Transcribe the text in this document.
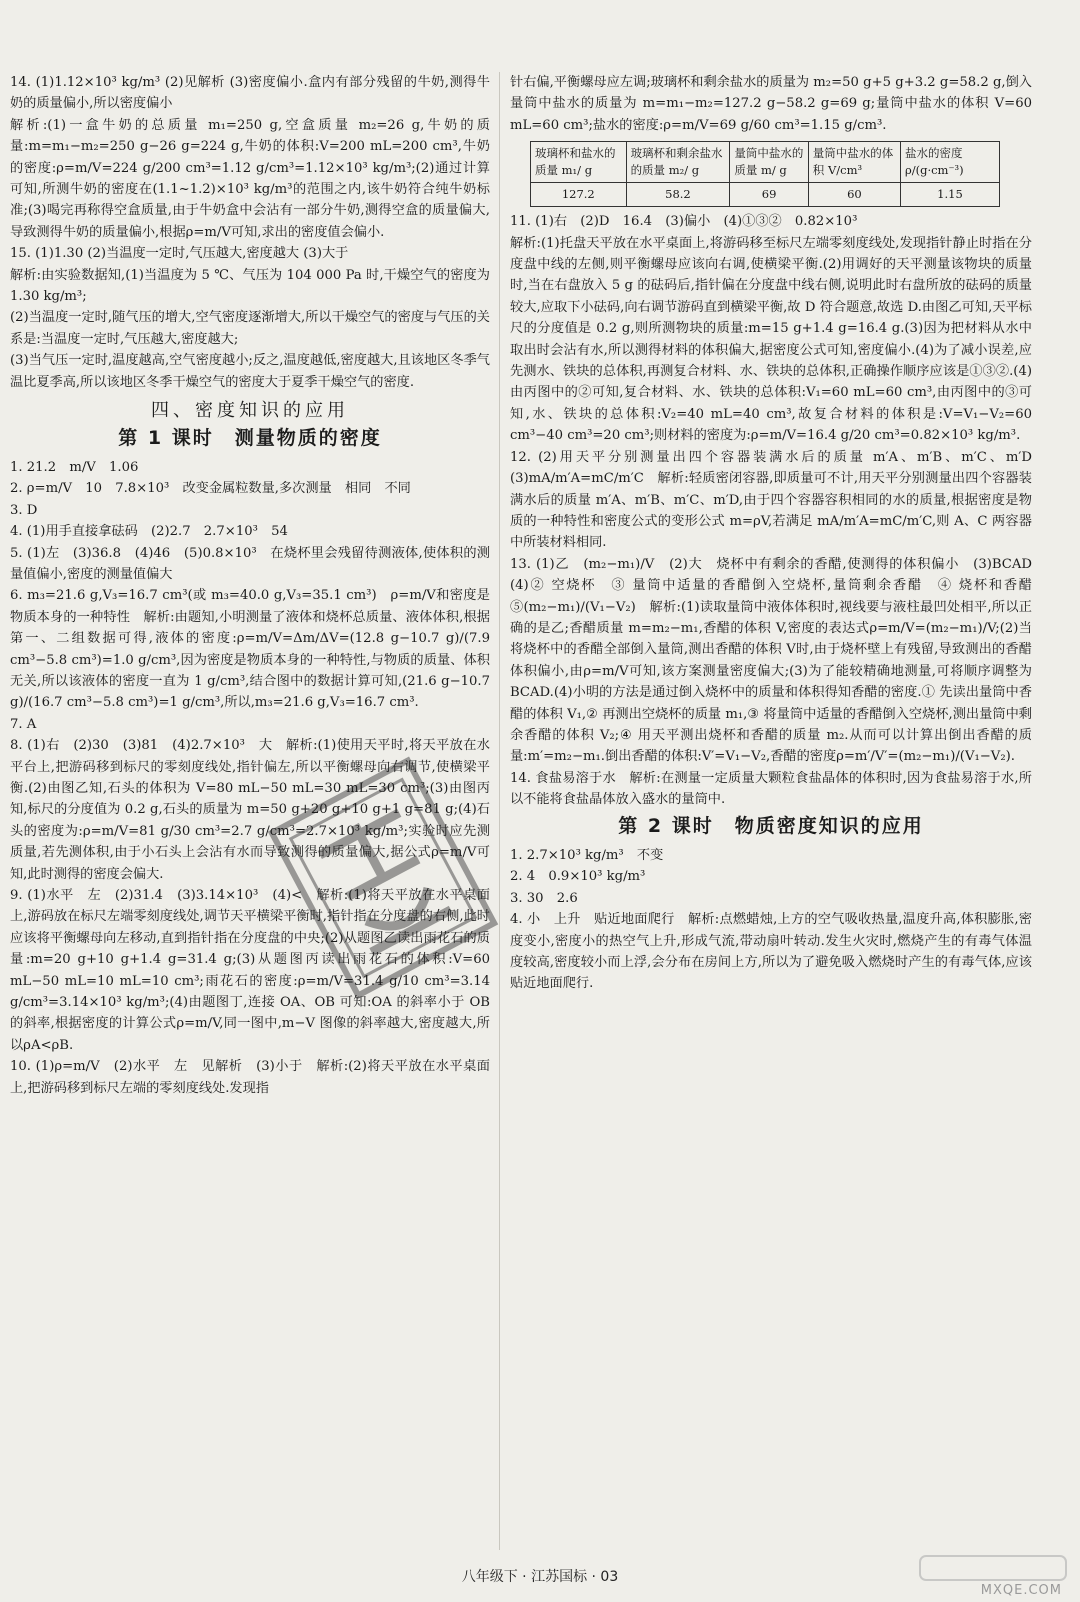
14. (1)1.12×10³ kg/m³ (2)见解析 (3)密度偏小.盒内有部分残留的牛奶,测得牛奶的质量偏小,所以密度偏小

解析:(1)一盒牛奶的总质量 m₁=250 g,空盒质量 m₂=26 g,牛奶的质量:m=m₁−m₂=250 g−26 g=224 g,牛奶的体积:V=200 mL=200 cm³,牛奶的密度:ρ=m/V=224 g/200 cm³=1.12 g/cm³=1.12×10³ kg/m³;(2)通过计算可知,所测牛奶的密度在(1.1~1.2)×10³ kg/m³的范围之内,该牛奶符合纯牛奶标准;(3)喝完再称得空盒质量,由于牛奶盒中会沾有一部分牛奶,测得空盒的质量偏大,导致测得牛奶的质量偏小,根据ρ=m/V可知,求出的密度值会偏小.

15. (1)1.30 (2)当温度一定时,气压越大,密度越大 (3)大于

解析:由实验数据知,(1)当温度为 5 ℃、气压为 104 000 Pa 时,干燥空气的密度为 1.30 kg/m³;

(2)当温度一定时,随气压的增大,空气密度逐渐增大,所以干燥空气的密度与气压的关系是:当温度一定时,气压越大,密度越大;

(3)当气压一定时,温度越高,空气密度越小;反之,温度越低,密度越大,且该地区冬季气温比夏季高,所以该地区冬季干燥空气的密度大于夏季干燥空气的密度.

四、密度知识的应用
第 1 课时　测量物质的密度

1. 21.2　m/V　1.06

2. ρ=m/V　10　7.8×10³　改变金属粒数量,多次测量　相同　不同

3. D

4. (1)用手直接拿砝码　(2)2.7　2.7×10³　54

5. (1)左　(3)36.8　(4)46　(5)0.8×10³　在烧杯里会残留待测液体,使体积的测量值偏小,密度的测量值偏大

6. m₃=21.6 g,V₃=16.7 cm³(或 m₃=40.0 g,V₃=35.1 cm³)　ρ=m/V和密度是物质本身的一种特性　解析:由题知,小明测量了液体和烧杯总质量、液体体积,根据第一、二组数据可得,液体的密度:ρ=m/V=Δm/ΔV=(12.8 g−10.7 g)/(7.9 cm³−5.8 cm³)=1.0 g/cm³,因为密度是物质本身的一种特性,与物质的质量、体积无关,所以该液体的密度一直为 1 g/cm³,结合图中的数据计算可知,(21.6 g−10.7 g)/(16.7 cm³−5.8 cm³)=1 g/cm³,所以,m₃=21.6 g,V₃=16.7 cm³.

7. A

8. (1)右　(2)30　(3)81　(4)2.7×10³　大　解析:(1)使用天平时,将天平放在水平台上,把游码移到标尺的零刻度线处,指针偏左,所以平衡螺母向右调节,使横梁平衡.(2)由图乙知,石头的体积为 V=80 mL−50 mL=30 mL=30 cm³;(3)由图丙知,标尺的分度值为 0.2 g,石头的质量为 m=50 g+20 g+10 g+1 g=81 g;(4)石头的密度为:ρ=m/V=81 g/30 cm³=2.7 g/cm³=2.7×10³ kg/m³;实验时应先测质量,若先测体积,由于小石头上会沾有水而导致测得的质量偏大,据公式ρ=m/V可知,此时测得的密度会偏大.

9. (1)水平　左　(2)31.4　(3)3.14×10³　(4)<　解析:(1)将天平放在水平桌面上,游码放在标尺左端零刻度线处,调节天平横梁平衡时,指针指在分度盘的右侧,此时应该将平衡螺母向左移动,直到指针指在分度盘的中央;(2)从题图乙读出雨花石的质量:m=20 g+10 g+1.4 g=31.4 g;(3)从题图丙读出雨花石的体积:V=60 mL−50 mL=10 mL=10 cm³;雨花石的密度:ρ=m/V=31.4 g/10 cm³=3.14 g/cm³=3.14×10³ kg/m³;(4)由题图丁,连接 OA、OB 可知:OA 的斜率小于 OB 的斜率,根据密度的计算公式ρ=m/V,同一图中,m−V 图像的斜率越大,密度越大,所以ρA<ρB.

10. (1)ρ=m/V　(2)水平　左　见解析　(3)小于　解析:(2)将天平放在水平桌面上,把游码移到标尺左端的零刻度线处.发现指

针右偏,平衡螺母应左调;玻璃杯和剩余盐水的质量为 m₂=50 g+5 g+3.2 g=58.2 g,倒入量筒中盐水的质量为 m=m₁−m₂=127.2 g−58.2 g=69 g;量筒中盐水的体积 V=60 mL=60 cm³;盐水的密度:ρ=m/V=69 g/60 cm³=1.15 g/cm³.

玻璃杯和盐水的质量 m₁/ g	玻璃杯和剩余盐水的质量 m₂/ g	量筒中盐水的质量 m/ g	量筒中盐水的体积 V/cm³	盐水的密度 ρ/(g·cm⁻³)
127.2	58.2	69	60	1.15

11. (1)右　(2)D　16.4　(3)偏小　(4)①③②　0.82×10³

解析:(1)托盘天平放在水平桌面上,将游码移至标尺左端零刻度线处,发现指针静止时指在分度盘中线的左侧,则平衡螺母应该向右调,使横梁平衡.(2)用调好的天平测量该物块的质量时,当在右盘放入 5 g 的砝码后,指针偏在分度盘中线右侧,说明此时右盘所放的砝码的质量较大,应取下小砝码,向右调节游码直到横梁平衡,故 D 符合题意,故选 D.由图乙可知,天平标尺的分度值是 0.2 g,则所测物块的质量:m=15 g+1.4 g=16.4 g.(3)因为把材料从水中取出时会沾有水,所以测得材料的体积偏大,据密度公式可知,密度偏小.(4)为了减小误差,应先测水、铁块的总体积,再测复合材料、水、铁块的总体积,正确操作顺序应该是①③②.(4)由丙图中的②可知,复合材料、水、铁块的总体积:V₁=60 mL=60 cm³,由丙图中的③可知,水、铁块的总体积:V₂=40 mL=40 cm³,故复合材料的体积是:V=V₁−V₂=60 cm³−40 cm³=20 cm³;则材料的密度为:ρ=m/V=16.4 g/20 cm³=0.82×10³ kg/m³.

12. (2)用天平分别测量出四个容器装满水后的质量 m′A、m′B、m′C、m′D　(3)mA/m′A=mC/m′C　解析:轻质密闭容器,即质量可不计,用天平分别测量出四个容器装满水后的质量 m′A、m′B、m′C、m′D,由于四个容器容积相同的水的质量,根据密度是物质的一种特性和密度公式的变形公式 m=ρV,若满足 mA/m′A=mC/m′C,则 A、C 两容器中所装材料相同.

13. (1)乙　(m₂−m₁)/V　(2)大　烧杯中有剩余的香醋,使测得的体积偏小　(3)BCAD　(4)② 空烧杯　③ 量筒中适量的香醋倒入空烧杯,量筒剩余香醋　④ 烧杯和香醋　⑤(m₂−m₁)/(V₁−V₂)　解析:(1)读取量筒中液体体积时,视线要与液柱最凹处相平,所以正确的是乙;香醋质量 m=m₂−m₁,香醋的体积 V,密度的表达式ρ=m/V=(m₂−m₁)/V;(2)当将烧杯中的香醋全部倒入量筒,测出香醋的体积 V时,由于烧杯壁上有残留,导致测出的香醋体积偏小,由ρ=m/V可知,该方案测量密度偏大;(3)为了能较精确地测量,可将顺序调整为 BCAD.(4)小明的方法是通过倒入烧杯中的质量和体积得知香醋的密度.① 先读出量筒中香醋的体积 V₁,② 再测出空烧杯的质量 m₁,③ 将量筒中适量的香醋倒入空烧杯,测出量筒中剩余香醋的体积 V₂;④ 用天平测出烧杯和香醋的质量 m₂.从而可以计算出倒出香醋的质量:m′=m₂−m₁.倒出香醋的体积:V′=V₁−V₂,香醋的密度ρ=m′/V′=(m₂−m₁)/(V₁−V₂).

14. 食盐易溶于水　解析:在测量一定质量大颗粒食盐晶体的体积时,因为食盐易溶于水,所以不能将食盐晶体放入盛水的量筒中.

第 2 课时　物质密度知识的应用

1. 2.7×10³ kg/m³　不变

2. 4　0.9×10³ kg/m³

3. 30　2.6

4. 小　上升　贴近地面爬行　解析:点燃蜡烛,上方的空气吸收热量,温度升高,体积膨胀,密度变小,密度小的热空气上升,形成气流,带动扇叶转动.发生火灾时,燃烧产生的有毒气体温度较高,密度较小而上浮,会分布在房间上方,所以为了避免吸入燃烧时产生的有毒气体,应该贴近地面爬行.

八年级下 · 江苏国标 · 03
MXQE.COM
